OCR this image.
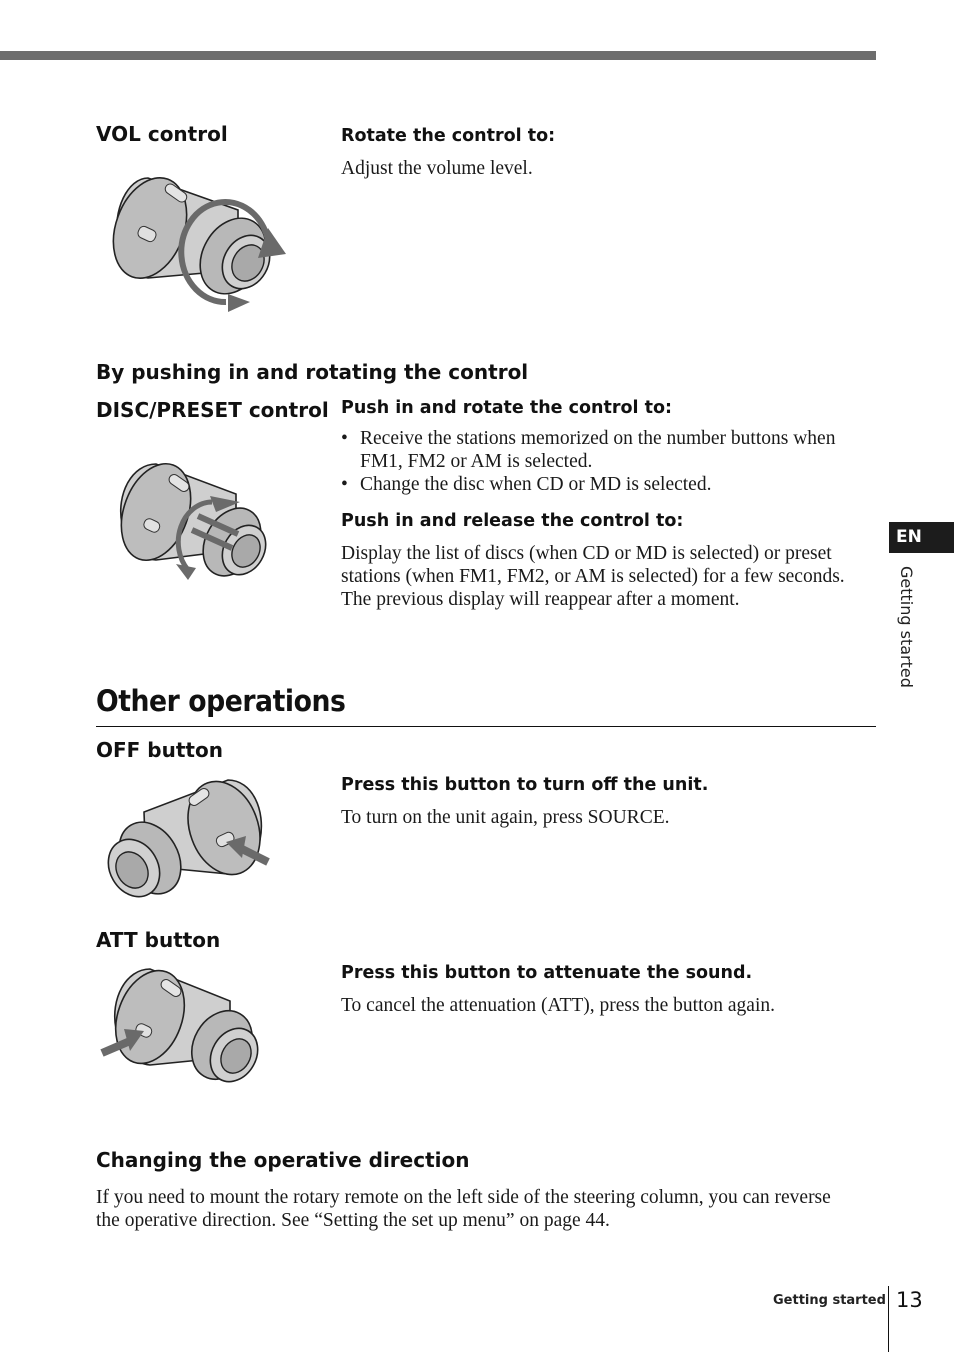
VOL control	Rotate the control to:
Adjust the volume level.
By pushing in and rotating the control
DISC/PRESET control Push in and rotate the control to:
• Receive the stations memorized on the number buttons when FM1, FM2 or AM is selected.
• Change the disc when CD or MD is selected.
Push in and release the control to:
Display the list of discs (when CD or MD is selected) or preset stations (when FM1, FM2, or AM is selected) for a few seconds. The previous display will reappear after a moment.
Other operations
OFF button
Press this button to turn off the unit.
To turn on the unit again, press SOURCE.
ATT button
Press this button to attenuate the sound.
To cancel the attenuation (ATT), press the button again.
Changing the operative direction
If you need to mount the rotary remote on the left side of the steering column, you can reverse the operative direction. See “Setting the set up menu” on page 44.
EN
Getting started
Getting started 13
